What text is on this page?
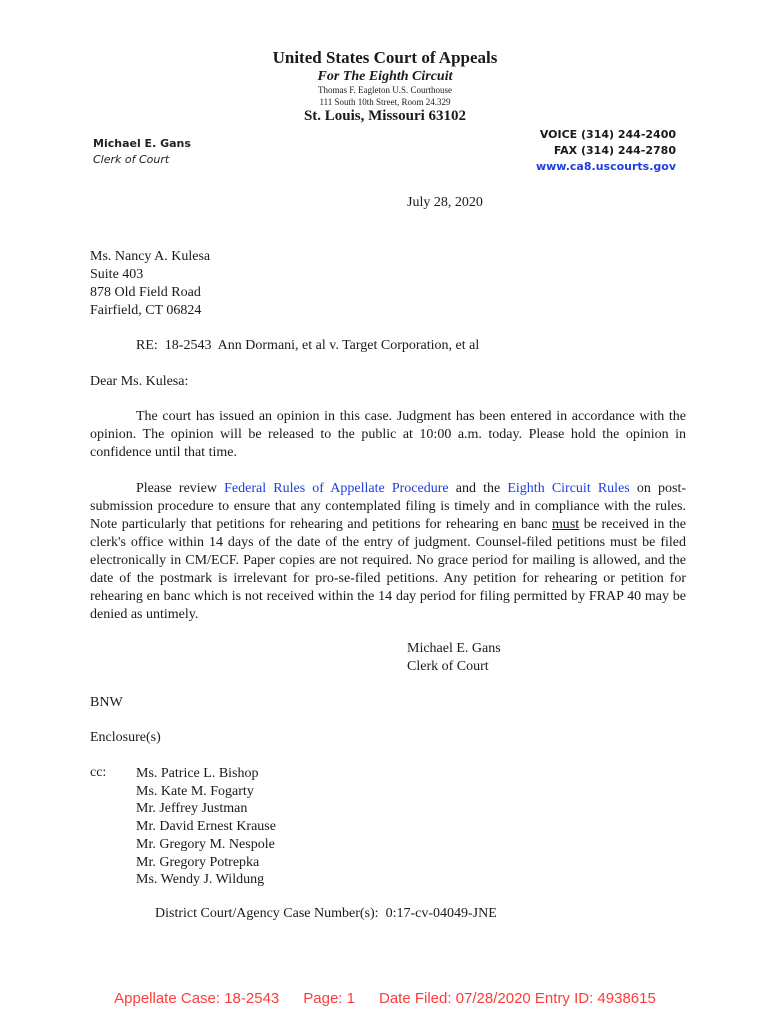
United States Court of Appeals
For The Eighth Circuit
Thomas F. Eagleton U.S. Courthouse
111 South 10th Street, Room 24.329
St. Louis, Missouri 63102
Michael E. Gans
Clerk of Court
VOICE (314) 244-2400
FAX (314) 244-2780
www.ca8.uscourts.gov
July 28, 2020
Ms. Nancy A. Kulesa
Suite 403
878 Old Field Road
Fairfield, CT 06824
RE:  18-2543  Ann Dormani, et al v. Target Corporation, et al
Dear Ms. Kulesa:
The court has issued an opinion in this case. Judgment has been entered in accordance with the opinion. The opinion will be released to the public at 10:00 a.m. today. Please hold the opinion in confidence until that time.
Please review Federal Rules of Appellate Procedure and the Eighth Circuit Rules on post-submission procedure to ensure that any contemplated filing is timely and in compliance with the rules. Note particularly that petitions for rehearing and petitions for rehearing en banc must be received in the clerk's office within 14 days of the date of the entry of judgment. Counsel-filed petitions must be filed electronically in CM/ECF. Paper copies are not required. No grace period for mailing is allowed, and the date of the postmark is irrelevant for pro-se-filed petitions. Any petition for rehearing or petition for rehearing en banc which is not received within the 14 day period for filing permitted by FRAP 40 may be denied as untimely.
Michael E. Gans
Clerk of Court
BNW
Enclosure(s)
cc: Ms. Patrice L. Bishop
Ms. Kate M. Fogarty
Mr. Jeffrey Justman
Mr. David Ernest Krause
Mr. Gregory M. Nespole
Mr. Gregory Potrepka
Ms. Wendy J. Wildung
District Court/Agency Case Number(s):  0:17-cv-04049-JNE
Appellate Case: 18-2543 Page: 1 Date Filed: 07/28/2020 Entry ID: 4938615
